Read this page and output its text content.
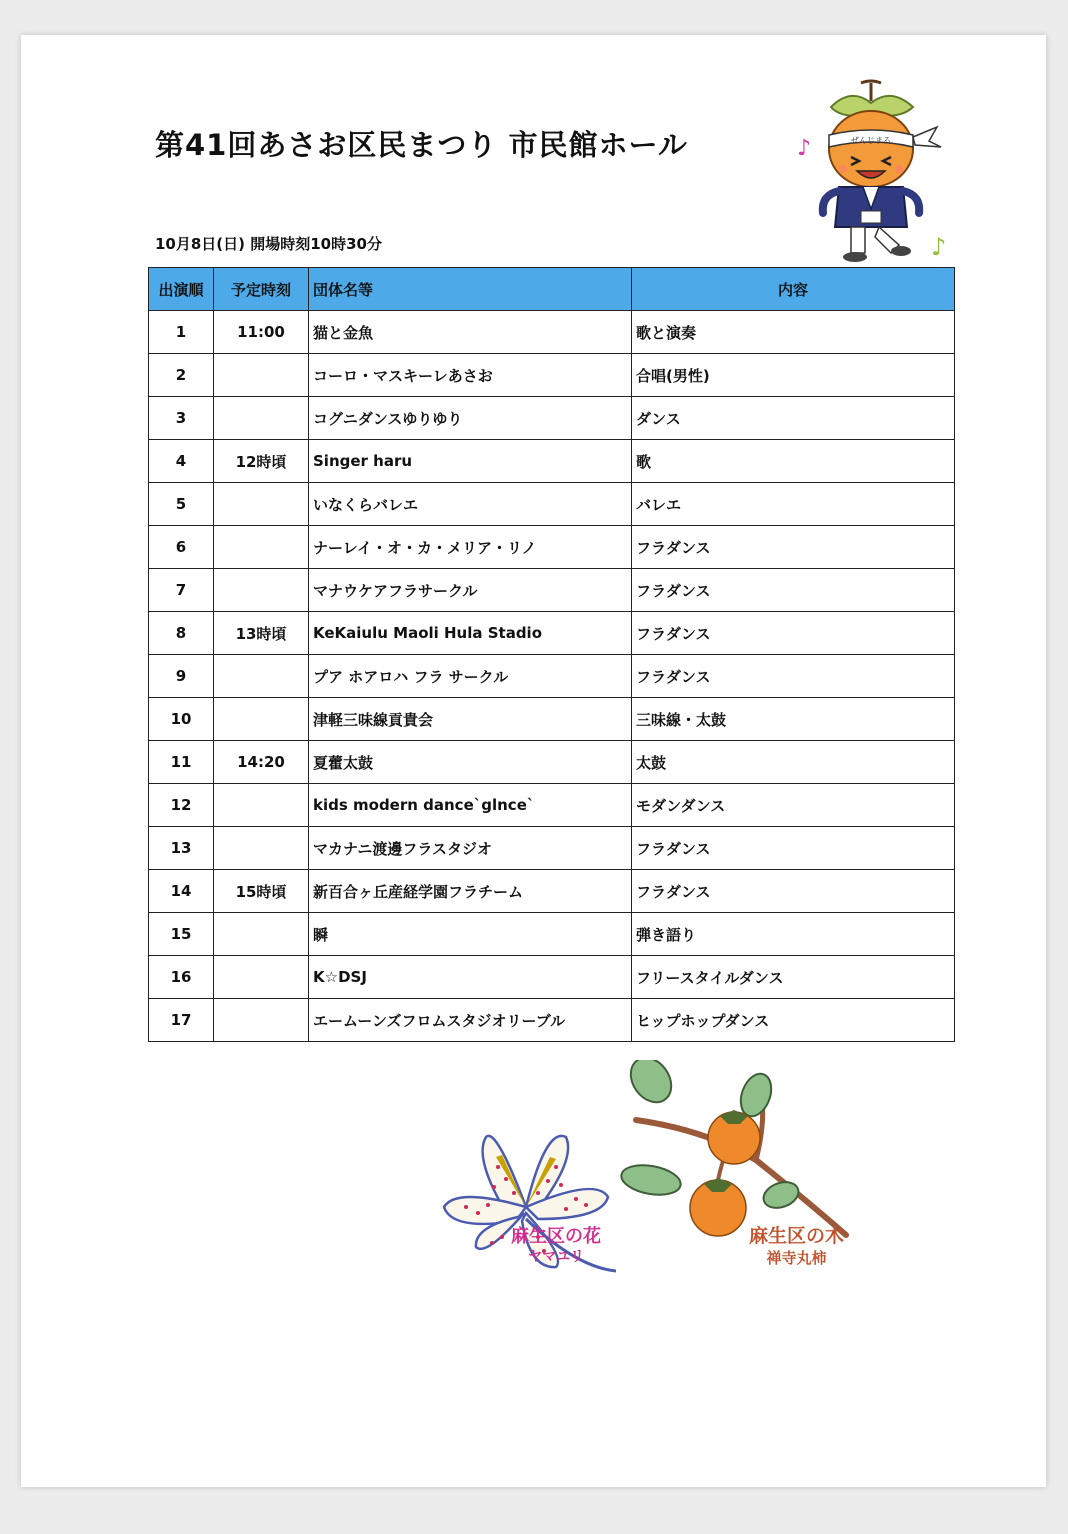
第41回あさお区民まつり 市民館ホール	ぜんじまる
♪
♪
10月8日(日) 開場時刻10時30分
出演順	予定時刻	団体名等	内容
1	11:00	猫と金魚	歌と演奏
2		コーロ・マスキーレあさお	合唱(男性)
3		コグニダンスゆりゆり	ダンス
4	12時頃	Singer haru	歌
5		いなくらバレエ	バレエ
6		ナーレイ・オ・カ・メリア・リノ	フラダンス
7		マナウケアフラサークル	フラダンス
8	13時頃	KeKaiulu Maoli Hula Stadio	フラダンス
9		プア ホアロハ フラ サークル	フラダンス
10		津軽三味線貢貴会	三味線・太鼓
11	14:20	夏藿太鼓	太鼓
12		kids modern dance`glnce`	モダンダンス
13		マカナニ渡邊フラスタジオ	フラダンス
14	15時頃	新百合ヶ丘産経学園フラチーム	フラダンス
15		瞬	弾き語り
16		K☆DSJ	フリースタイルダンス
17		エームーンズフロムスタジオリーブル	ヒップホップダンス
麻生区の花
ヤマユリ
麻生区の木
禅寺丸柿
